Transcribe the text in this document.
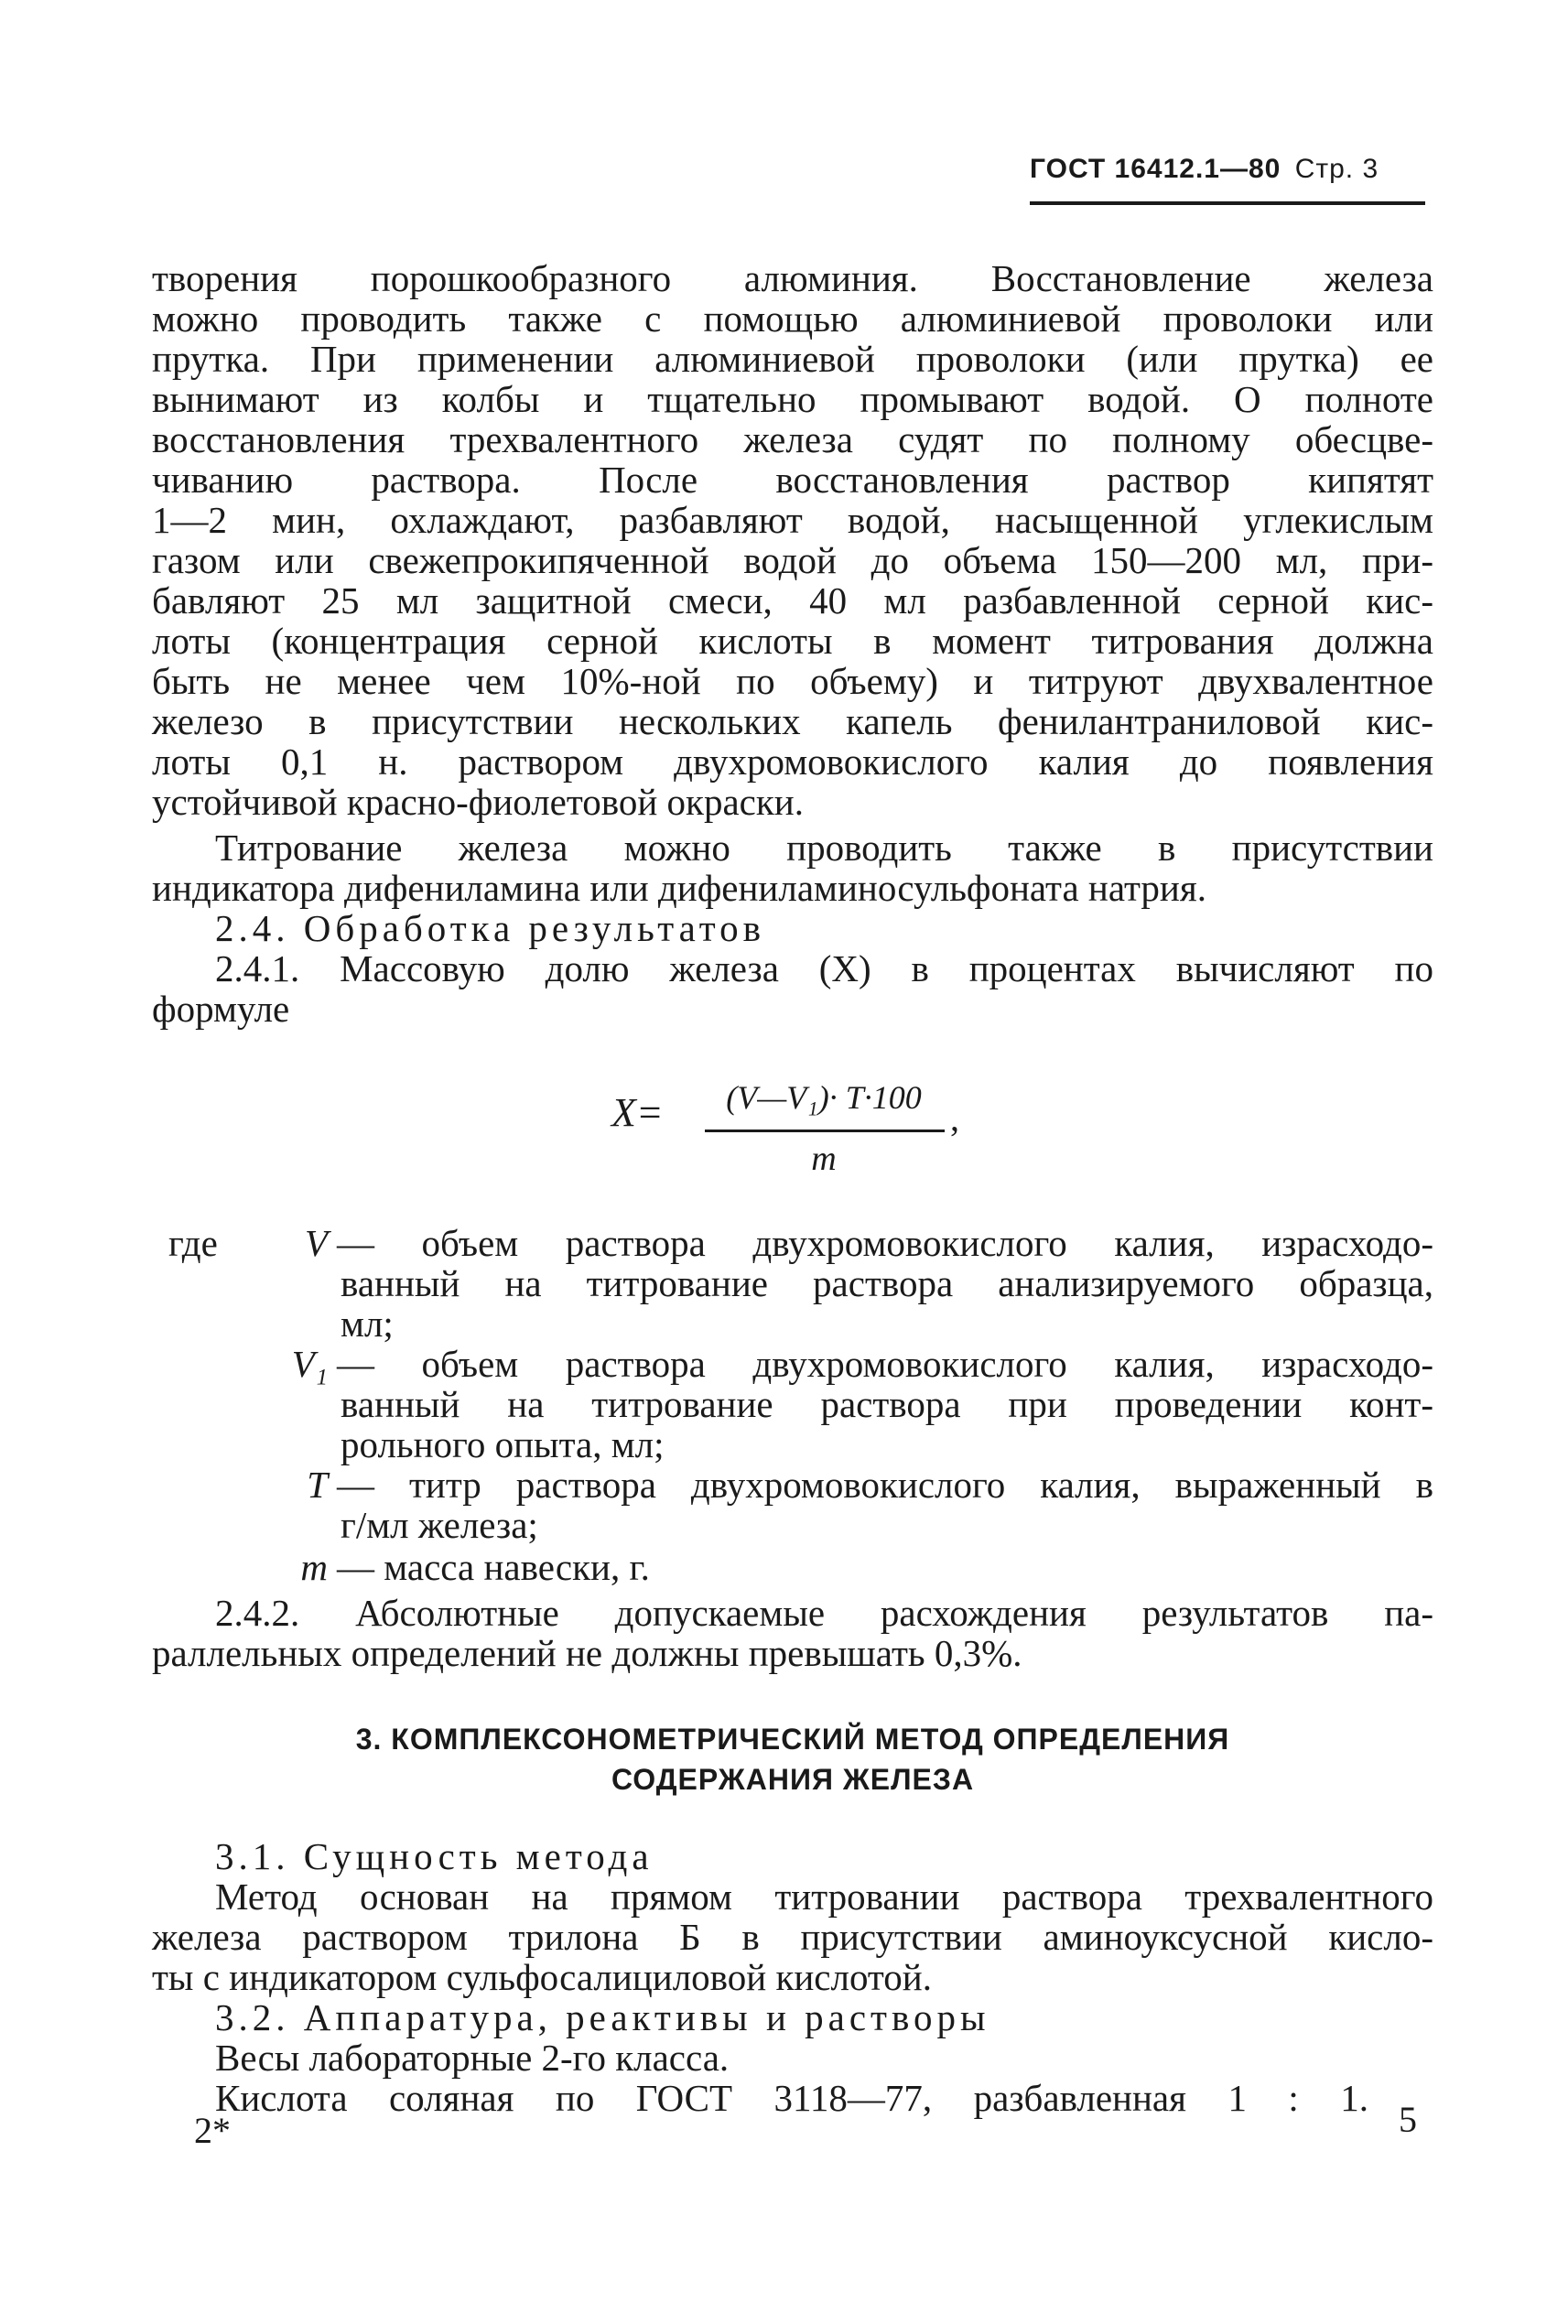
ГОСТ 16412.1—80 Стр. 3
творения порошкообразного алюминия. Восстановление железа
можно проводить также с помощью алюминиевой проволоки или
прутка. При применении алюминиевой проволоки (или прутка) ее
вынимают из колбы и тщательно промывают водой. О полноте
восстановления трехвалентного железа судят по полному обесцве-
чиванию раствора. После восстановления раствор кипятят
1—2 мин, охлаждают, разбавляют водой, насыщенной углекислым
газом или свежепрокипяченной водой до объема 150—200 мл, при-
бавляют 25 мл защитной смеси, 40 мл разбавленной серной кис-
лоты (концентрация серной кислоты в момент титрования должна
быть не менее чем 10%-ной по объему) и титруют двухвалентное
железо в присутствии нескольких капель фенилантраниловой кис-
лоты 0,1 н. раствором двухромовокислого калия до появления
устойчивой красно-фиолетовой окраски.
Титрование железа можно проводить также в присутствии
индикатора дифениламина или дифениламиносульфоната натрия.
2.4. Обработка результатов
2.4.1. Массовую долю железа (X) в процентах вычисляют по
формуле
X=	(V—V₁)· T·100 ,
m
где	V — объем раствора двухромовокислого калия, израсходо-
ванный на титрование раствора анализируемого образца,
мл;
V₁ — объем раствора двухромовокислого калия, израсходо-
ванный на титрование раствора при проведении конт-
рольного опыта, мл;
T — титр раствора двухромовокислого калия, выраженный в
г/мл железа;
m — масса навески, г.
2.4.2. Абсолютные допускаемые расхождения результатов па-
раллельных определений не должны превышать 0,3%.
3. КОМПЛЕКСОНОМЕТРИЧЕСКИЙ МЕТОД ОПРЕДЕЛЕНИЯ
СОДЕРЖАНИЯ ЖЕЛЕЗА
3.1. Сущность метода
Метод основан на прямом титровании раствора трехвалентного
железа раствором трилона Б в присутствии аминоуксусной кисло-
ты с индикатором сульфосалициловой кислотой.
3.2. Аппаратура, реактивы и растворы
Весы лабораторные 2-го класса.
Кислота соляная по ГОСТ 3118—77, разбавленная 1 : 1.
2*	5
